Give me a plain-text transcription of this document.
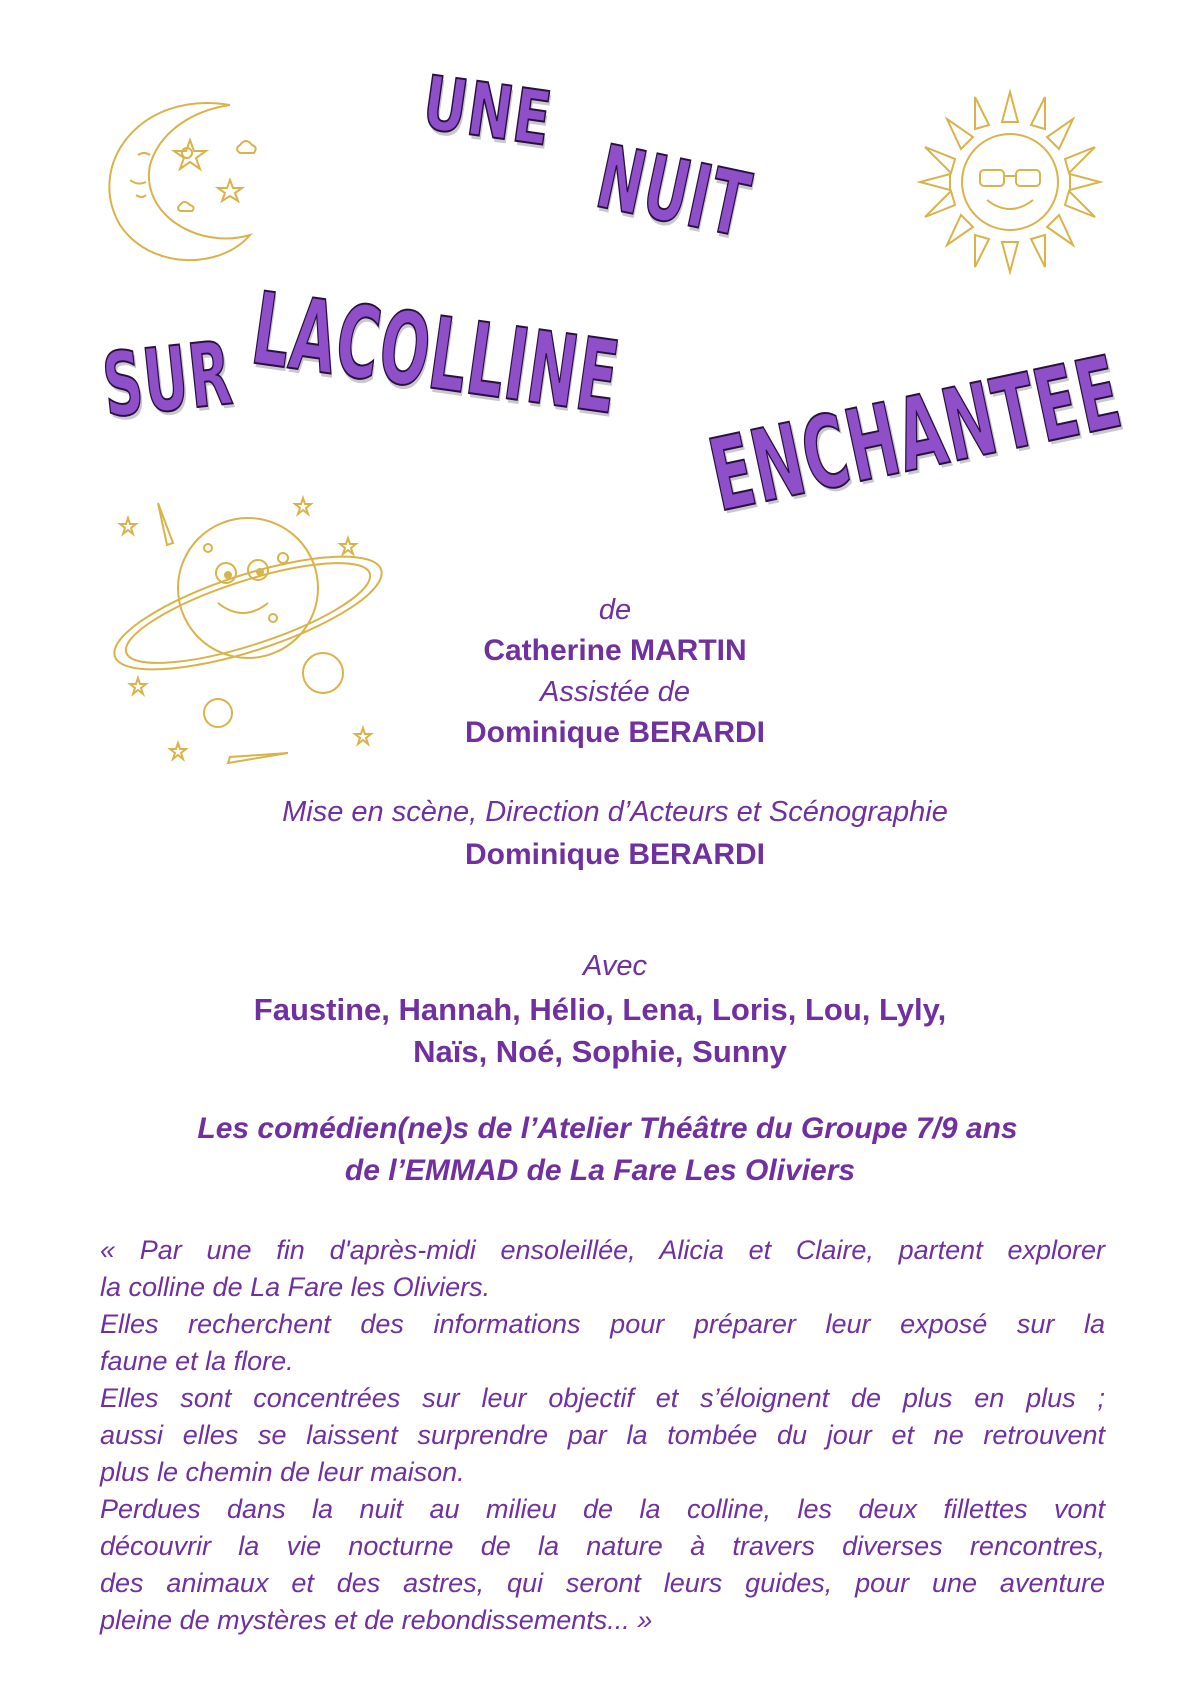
UNE
NUIT
SUR LACOLLINE ENCHANTEE
de
Catherine MARTIN
Assistée de
Dominique BERARDI
Mise en scène, Direction d’Acteurs et Scénographie
Dominique BERARDI
Avec
Faustine, Hannah, Hélio, Lena, Loris, Lou, Lyly,
Naïs, Noé, Sophie, Sunny
Les comédien(ne)s de l’Atelier Théâtre du Groupe 7/9 ans
de l’EMMAD de La Fare Les Oliviers
« Par une fin d'après-midi ensoleillée, Alicia et Claire, partent explorer
la colline de La Fare les Oliviers.
Elles recherchent des informations pour préparer leur exposé sur la
faune et la flore.
Elles sont concentrées sur leur objectif et s’éloignent de plus en plus ;
aussi elles se laissent surprendre par la tombée du jour et ne retrouvent
plus le chemin de leur maison.
Perdues dans la nuit au milieu de la colline, les deux fillettes vont
découvrir la vie nocturne de la nature à travers diverses rencontres,
des animaux et des astres, qui seront leurs guides, pour une aventure
pleine de mystères et de rebondissements... »
